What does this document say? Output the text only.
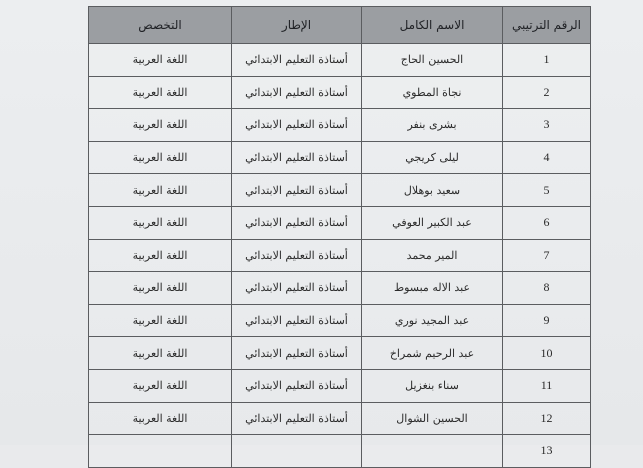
الرقم الترتيبي	الاسم الكامل	الإطار	التخصص
1	الحسين الحاج	أستاذة التعليم الابتدائي	اللغة العربية
2	نجاة المطوي	أستاذة التعليم الابتدائي	اللغة العربية
3	بشرى بنفر	أستاذة التعليم الابتدائي	اللغة العربية
4	ليلى كريجي	أستاذة التعليم الابتدائي	اللغة العربية
5	سعيد بوهلال	أستاذة التعليم الابتدائي	اللغة العربية
6	عبد الكبير العوفي	أستاذة التعليم الابتدائي	اللغة العربية
7	المير محمد	أستاذة التعليم الابتدائي	اللغة العربية
8	عبد الاله مبسوط	أستاذة التعليم الابتدائي	اللغة العربية
9	عبد المجيد نوري	أستاذة التعليم الابتدائي	اللغة العربية
10	عبد الرحيم شمراخ	أستاذة التعليم الابتدائي	اللغة العربية
11	سناء بنغزيل	أستاذة التعليم الابتدائي	اللغة العربية
12	الحسين الشوال	أستاذة التعليم الابتدائي	اللغة العربية
13			
